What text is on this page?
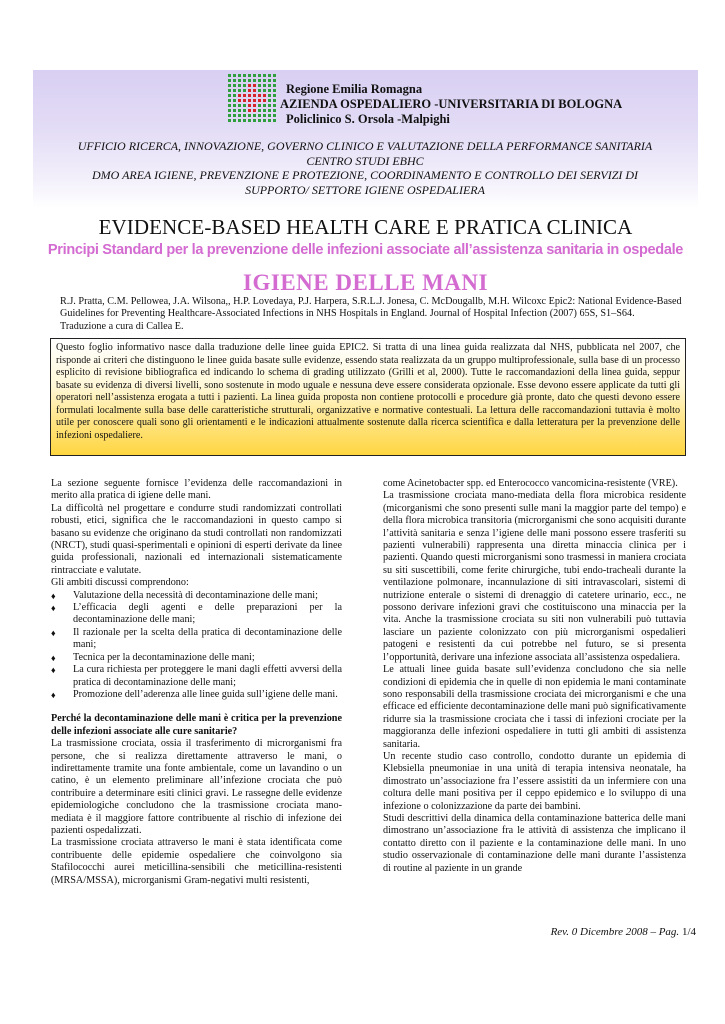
Regione Emilia Romagna
AZIENDA OSPEDALIERO -UNIVERSITARIA DI BOLOGNA
Policlinico S. Orsola -Malpighi
UFFICIO RICERCA, INNOVAZIONE, GOVERNO CLINICO E VALUTAZIONE DELLA PERFORMANCE SANITARIA
CENTRO STUDI EBHC
DMO AREA IGIENE, PREVENZIONE E PROTEZIONE, COORDINAMENTO E CONTROLLO DEI SERVIZI DI
SUPPORTO/ SETTORE IGIENE OSPEDALIERA
EVIDENCE-BASED HEALTH CARE E PRATICA CLINICA
Principi Standard per la prevenzione delle infezioni associate all’assistenza sanitaria in ospedale
IGIENE DELLE MANI
R.J. Pratta, C.M. Pellowea, J.A. Wilsona,, H.P. Lovedaya, P.J. Harpera, S.R.L.J. Jonesa, C. McDougallb, M.H. Wilcoxc Epic2: National Evidence-Based Guidelines for Preventing Healthcare-Associated Infections in NHS Hospitals in England. Journal of Hospital Infection (2007) 65S, S1–S64.
Traduzione a cura di Callea E.
Questo foglio informativo nasce dalla traduzione delle linee guida EPIC2. Si tratta di una linea guida realizzata dal NHS, pubblicata nel 2007, che risponde ai criteri che distinguono le linee guida basate sulle evidenze, essendo stata realizzata da un gruppo multiprofessionale, sulla base di un processo esplicito di revisione bibliografica ed indicando lo schema di grading utilizzato (Grilli et al, 2000). Tutte le raccomandazioni della linea guida, seppur basate su evidenza di diversi livelli, sono sostenute in modo uguale e nessuna deve essere considerata opzionale. Esse devono essere applicate da tutti gli operatori nell’assistenza erogata a tutti i pazienti. La linea guida proposta non contiene protocolli e procedure già pronte, dato che questi devono essere formulati localmente sulla base delle caratteristiche strutturali, organizzative e normative contestuali. La lettura delle raccomandazioni tuttavia è molto utile per conoscere quali sono gli orientamenti e le indicazioni attualmente sostenute dalla ricerca scientifica e dalla letteratura per la prevenzione delle infezioni ospedaliere.

La sezione seguente fornisce l’evidenza delle raccomandazioni in merito alla pratica di igiene delle mani.

La difficoltà nel progettare e condurre studi randomizzati controllati robusti, etici, significa che le raccomandazioni in questo campo si basano su evidenze che originano da studi controllati non randomizzati (NRCT), studi quasi-sperimentali e opinioni di esperti derivate da linee guida professionali, nazionali ed internazionali sistematicamente rintracciate e valutate.

Gli ambiti discussi comprendono:

♦ Valutazione della necessità di decontaminazione delle mani;
♦ L’efficacia degli agenti e delle preparazioni per la decontaminazione delle mani;
♦ Il razionale per la scelta della pratica di decontaminazione delle mani;
♦ Tecnica per la decontaminazione delle mani;
♦ La cura richiesta per proteggere le mani dagli effetti avversi della pratica di decontaminazione delle mani;
♦ Promozione dell’aderenza alle linee guida sull’igiene delle mani.

Perché la decontaminazione delle mani è critica per la prevenzione delle infezioni associate alle cure sanitarie?

La trasmissione crociata, ossia il trasferimento di microrganismi fra persone, che si realizza direttamente attraverso le mani, o indirettamente tramite una fonte ambientale, come un lavandino o un catino, è un elemento preliminare all’infezione crociata che può contribuire a determinare esiti clinici gravi. Le rassegne delle evidenze epidemiologiche concludono che la trasmissione crociata mano-mediata è il maggiore fattore contribuente al rischio di infezione dei pazienti ospedalizzati.

La trasmissione crociata attraverso le mani è stata identificata come contribuente delle epidemie ospedaliere che coinvolgono sia Stafilococchi aurei meticillina-sensibili che meticillina-resistenti (MRSA/MSSA), microrganismi Gram-negativi multi resistenti,

come Acinetobacter spp. ed Enterococco vancomicina-resistente (VRE).

La trasmissione crociata mano-mediata della flora microbica residente (micorganismi che sono presenti sulle mani la maggior parte del tempo) e della flora microbica transitoria (microrganismi che sono acquisiti durante l’attività sanitaria e senza l’igiene delle mani possono essere trasferiti su pazienti vulnerabili) rappresenta una diretta minaccia clinica per i pazienti. Quando questi microrganismi sono trasmessi in maniera crociata su siti suscettibili, come ferite chirurgiche, tubi endo-tracheali durante la ventilazione polmonare, incannulazione di siti intravascolari, sistemi di nutrizione enterale o sistemi di drenaggio di catetere urinario, ecc., ne possono derivare infezioni gravi che costituiscono una minaccia per la vita. Anche la trasmissione crociata su siti non vulnerabili può tuttavia lasciare un paziente colonizzato con più microrganismi ospedalieri patogeni e resistenti da cui potrebbe nel futuro, se si presenta l’opportunità, derivare una infezione associata all’assistenza ospedaliera.

Le attuali linee guida basate sull’evidenza concludono che sia nelle condizioni di epidemia che in quelle di non epidemia le mani contaminate sono responsabili della trasmissione crociata dei microrganismi e che una efficace ed efficiente decontaminazione delle mani può significativamente ridurre sia la trasmissione crociata che i tassi di infezioni crociate per la maggioranza delle infezioni ospedaliere in tutti gli ambiti di assistenza sanitaria.

Un recente studio caso controllo, condotto durante un epidemia di Klebsiella pneumoniae in una unità di terapia intensiva neonatale, ha dimostrato un’associazione fra l’essere assistiti da un infermiere con una coltura delle mani positiva per il ceppo epidemico e lo sviluppo di una infezione o colonizzazione da parte dei bambini.

Studi descrittivi della dinamica della contaminazione batterica delle mani dimostrano un’associazione fra le attività di assistenza che implicano il contatto diretto con il paziente e la contaminazione delle mani. In uno studio osservazionale di contaminazione delle mani durante l’assistenza di routine al paziente in un grande

Rev. 0 Dicembre 2008 – Pag. 1/4
